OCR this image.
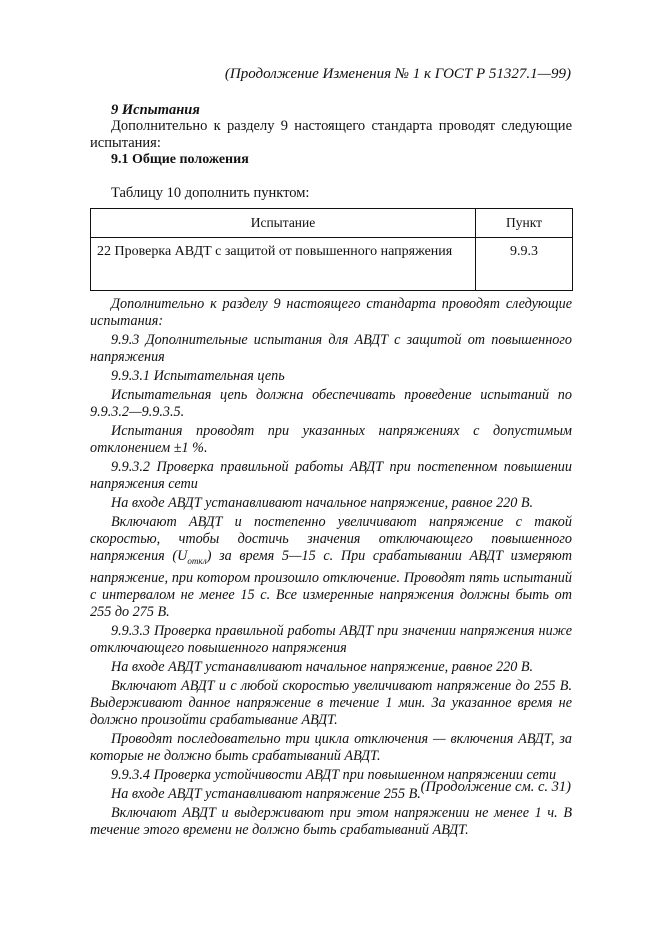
(Продолжение Изменения № 1 к ГОСТ Р 51327.1—99)
9 Испытания
Дополнительно к разделу 9 настоящего стандарта проводят следующие испытания:
9.1 Общие положения
Таблицу 10 дополнить пунктом:
Испытание	Пункт
22 Проверка АВДТ с защитой от повышенного напряжения	9.9.3

Дополнительно к разделу 9 настоящего стандарта проводят следующие испытания:

9.9.3 Дополнительные испытания для АВДТ с защитой от повышенного напряжения

9.9.3.1 Испытательная цепь

Испытательная цепь должна обеспечивать проведение испытаний по 9.9.3.2—9.9.3.5.

Испытания проводят при указанных напряжениях с допустимым отклонением ±1 %.

9.9.3.2 Проверка правильной работы АВДТ при постепенном повышении напряжения сети

На входе АВДТ устанавливают начальное напряжение, равное 220 В.

Включают АВДТ и постепенно увеличивают напряжение с такой скоростью, чтобы достичь значения отключающего повышенного напряжения $(U_{откл})$ за время 5—15 с. При срабатывании АВДТ измеряют напряжение, при котором произошло отключение. Проводят пять испытаний с интервалом не менее 15 с. Все измеренные напряжения должны быть от 255 до 275 В.

9.9.3.3 Проверка правильной работы АВДТ при значении напряжения ниже отключающего повышенного напряжения

На входе АВДТ устанавливают начальное напряжение, равное 220 В.

Включают АВДТ и с любой скоростью увеличивают напряжение до 255 В. Выдерживают данное напряжение в течение 1 мин. За указанное время не должно произойти срабатывание АВДТ.

Проводят последовательно три цикла отключения — включения АВДТ, за которые не должно быть срабатываний АВДТ.

9.9.3.4 Проверка устойчивости АВДТ при повышенном напряжении сети

На входе АВДТ устанавливают напряжение 255 В.

Включают АВДТ и выдерживают при этом напряжении не менее 1 ч. В течение этого времени не должно быть срабатываний АВДТ.

(Продолжение см. с. 31)
